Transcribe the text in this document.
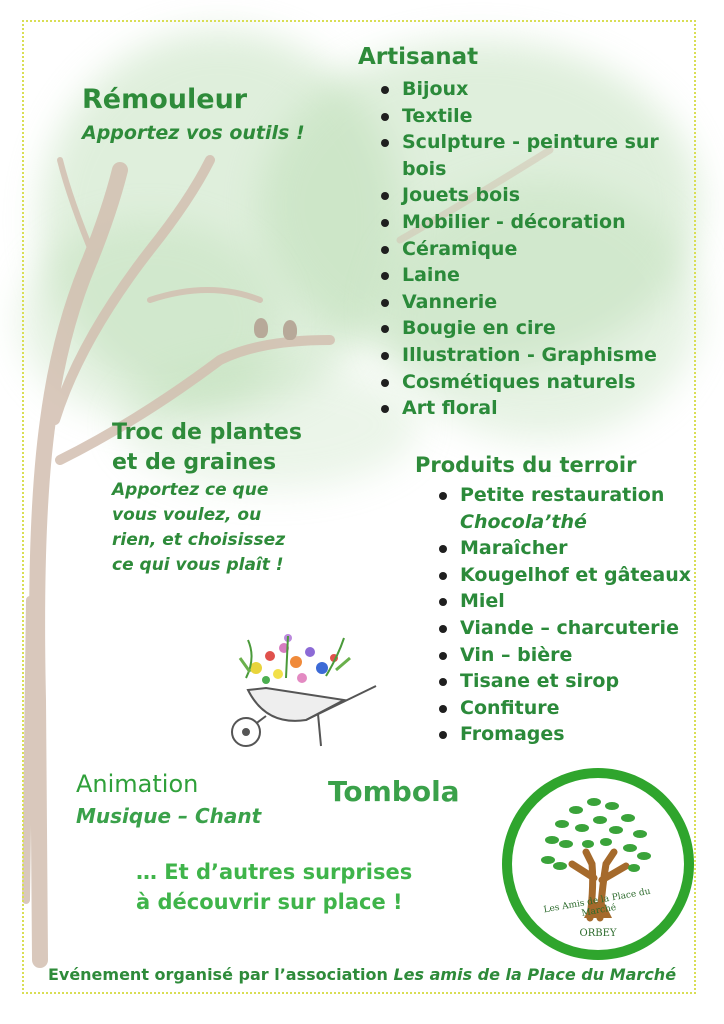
Artisanat
Bijoux
Textile
Sculpture - peinture sur bois
Jouets bois
Mobilier - décoration
Céramique
Laine
Vannerie
Bougie en cire
Illustration - Graphisme
Cosmétiques naturels
Art floral
Rémouleur
Apportez vos outils !
Troc de plantes
et de graines
Apportez ce que
vous voulez, ou
rien, et choisissez
ce qui vous plaît !
Produits du terroir
Petite restauration
Chocola’thé
Maraîcher
Kougelhof et gâteaux
Miel
Viande – charcuterie
Vin – bière
Tisane et sirop
Confiture
Fromages
Animation
Musique – Chant
Tombola
… Et d’autres surprises
à découvrir sur place !	Les Amis de la Place du Marché
ORBEY
Evénement organisé par l’association Les amis de la Place du Marché
